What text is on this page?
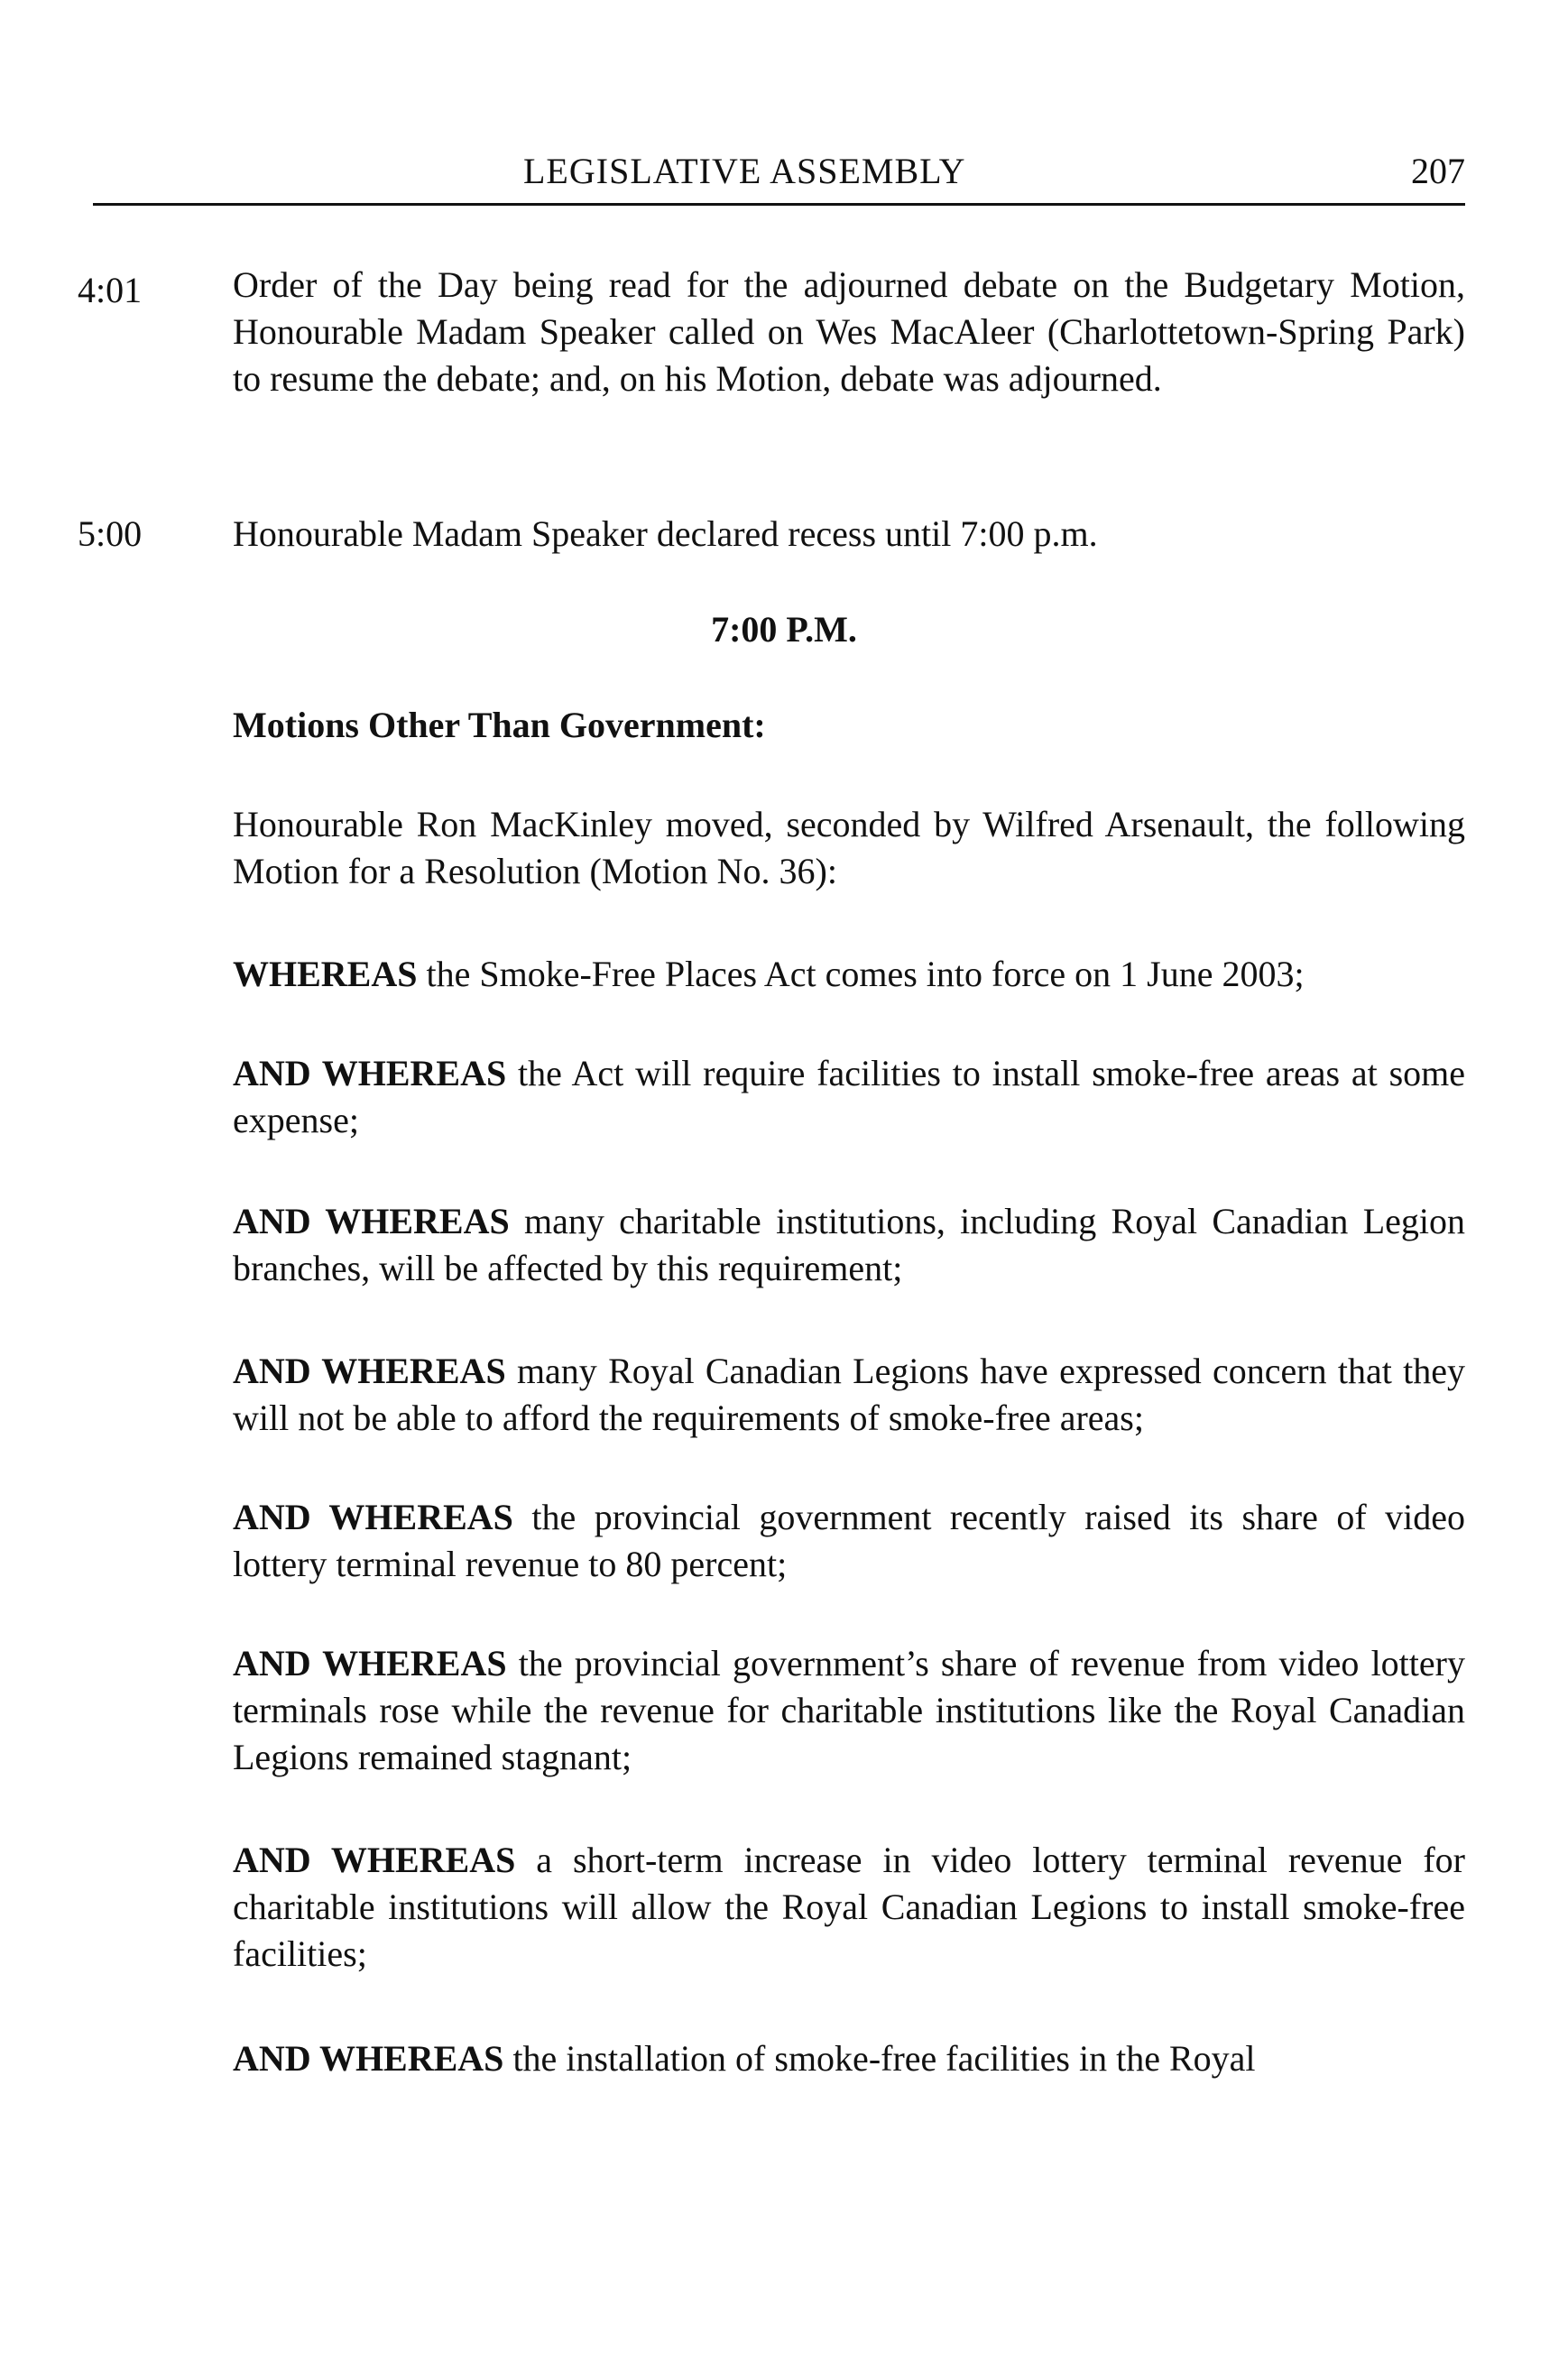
LEGISLATIVE ASSEMBLY	207
4:01	Order of the Day being read for the adjourned debate on the Budgetary Motion, Honourable Madam Speaker called on Wes MacAleer (Charlottetown-Spring Park) to resume the debate; and, on his Motion, debate was adjourned.
5:00	Honourable Madam Speaker declared recess until 7:00 p.m.
7:00 P.M.
Motions Other Than Government:
Honourable Ron MacKinley moved, seconded by Wilfred Arsenault, the following Motion for a Resolution (Motion No. 36):
WHEREAS the Smoke-Free Places Act comes into force on 1 June 2003;
AND WHEREAS the Act will require facilities to install smoke-free areas at some expense;
AND WHEREAS many charitable institutions, including Royal Canadian Legion branches, will be affected by this requirement;
AND WHEREAS many Royal Canadian Legions have expressed concern that they will not be able to afford the requirements of smoke-free areas;
AND WHEREAS the provincial government recently raised its share of video lottery terminal revenue to 80 percent;
AND WHEREAS the provincial government’s share of revenue from video lottery terminals rose while the revenue for charitable institutions like the Royal Canadian Legions remained stagnant;
AND WHEREAS a short-term increase in video lottery terminal revenue for charitable institutions will allow the Royal Canadian Legions to install smoke-free facilities;
AND WHEREAS the installation of smoke-free facilities in the Royal
